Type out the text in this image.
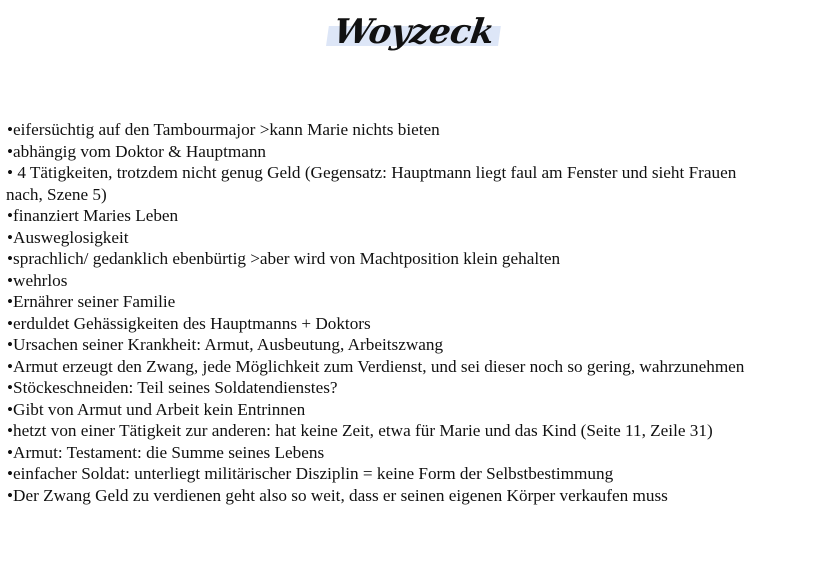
Woyzeck
•eifersüchtig auf den Tambourmajor >kann Marie nichts bieten
•abhängig vom Doktor & Hauptmann
• 4 Tätigkeiten, trotzdem nicht genug Geld (Gegensatz: Hauptmann liegt faul am Fenster und sieht Frauen
nach, Szene 5)
•finanziert Maries Leben
•Ausweglosigkeit
•sprachlich/ gedanklich ebenbürtig >aber wird von Machtposition klein gehalten
•wehrlos
•Ernährer seiner Familie
•erduldet Gehässigkeiten des Hauptmanns + Doktors
•Ursachen seiner Krankheit: Armut, Ausbeutung, Arbeitszwang
•Armut erzeugt den Zwang, jede Möglichkeit zum Verdienst, und sei dieser noch so gering, wahrzunehmen
•Stöckeschneiden: Teil seines Soldatendienstes?
•Gibt von Armut und Arbeit kein Entrinnen
•hetzt von einer Tätigkeit zur anderen: hat keine Zeit, etwa für Marie und das Kind (Seite 11, Zeile 31)
•Armut: Testament: die Summe seines Lebens
•einfacher Soldat: unterliegt militärischer Disziplin = keine Form der Selbstbestimmung
•Der Zwang Geld zu verdienen geht also so weit, dass er seinen eigenen Körper verkaufen muss
